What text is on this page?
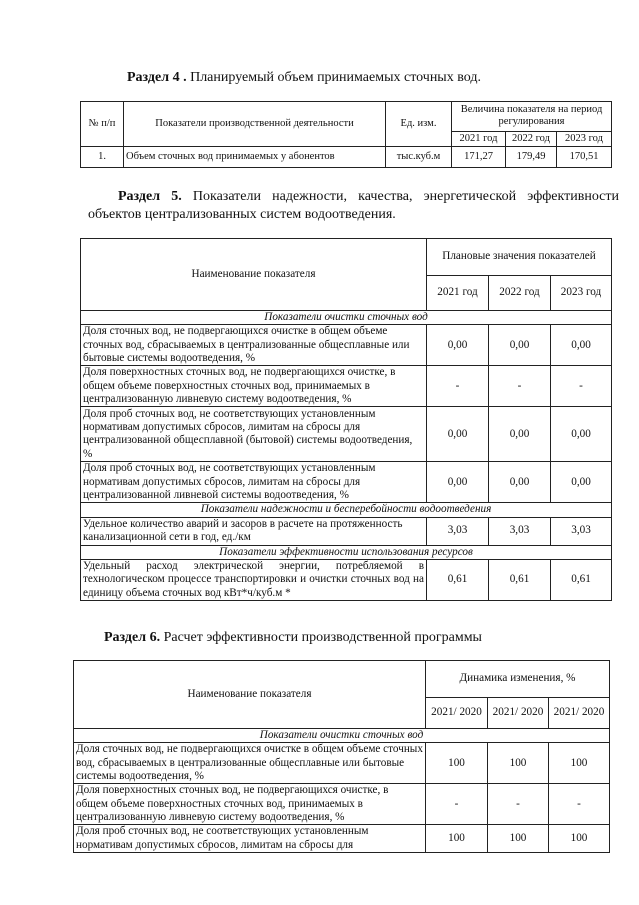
Раздел 4 . Планируемый объем принимаемых сточных вод.
№ п/п	Показатели производственной деятельности	Ед. изм.	Величина показателя на период регулирования		
			2021 год	2022 год	2023 год
1.	Объем сточных вод принимаемых у абонентов	тыс.куб.м	171,27	179,49	170,51
Раздел 5. Показатели надежности, качества, энергетической эффективности объектов централизованных систем водоотведения.
Наименование показателя	Плановые значения показателей		
	2021 год	2022 год	2023 год
Показатели очистки сточных вод			
Доля сточных вод, не подвергающихся очистке в общем объеме сточных вод, сбрасываемых в централизованные общесплавные или бытовые системы водоотведения, %	0,00	0,00	0,00
Доля поверхностных сточных вод, не подвергающихся очистке, в общем объеме поверхностных сточных вод, принимаемых в централизованную ливневую систему водоотведения, %	-	-	-
Доля проб сточных вод, не соответствующих установленным нормативам допустимых сбросов, лимитам на сбросы для централизованной общесплавной (бытовой) системы водоотведения, %	0,00	0,00	0,00
Доля проб сточных вод, не соответствующих установленным нормативам допустимых сбросов, лимитам на сбросы для централизованной ливневой системы водоотведения, %	0,00	0,00	0,00
Показатели надежности и бесперебойности водоотведения			
Удельное количество аварий и засоров в расчете на протяженность канализационной сети в год, ед./км	3,03	3,03	3,03
Показатели эффективности использования ресурсов			
Удельный расход электрической энергии, потребляемой в технологическом процессе транспортировки и очистки сточных вод на единицу объема сточных вод кВт*ч/куб.м *	0,61	0,61	0,61
Раздел 6. Расчет эффективности производственной программы
Наименование показателя	Динамика изменения, %		
	2021/ 2020	2021/ 2020	2021/ 2020
Показатели очистки сточных вод			
Доля сточных вод, не подвергающихся очистке в общем объеме сточных вод, сбрасываемых в централизованные общесплавные или бытовые системы водоотведения, %	100	100	100
Доля поверхностных сточных вод, не подвергающихся очистке, в общем объеме поверхностных сточных вод, принимаемых в централизованную ливневую систему водоотведения, %	-	-	-
Доля проб сточных вод, не соответствующих установленным нормативам допустимых сбросов, лимитам на сбросы для	100	100	100
